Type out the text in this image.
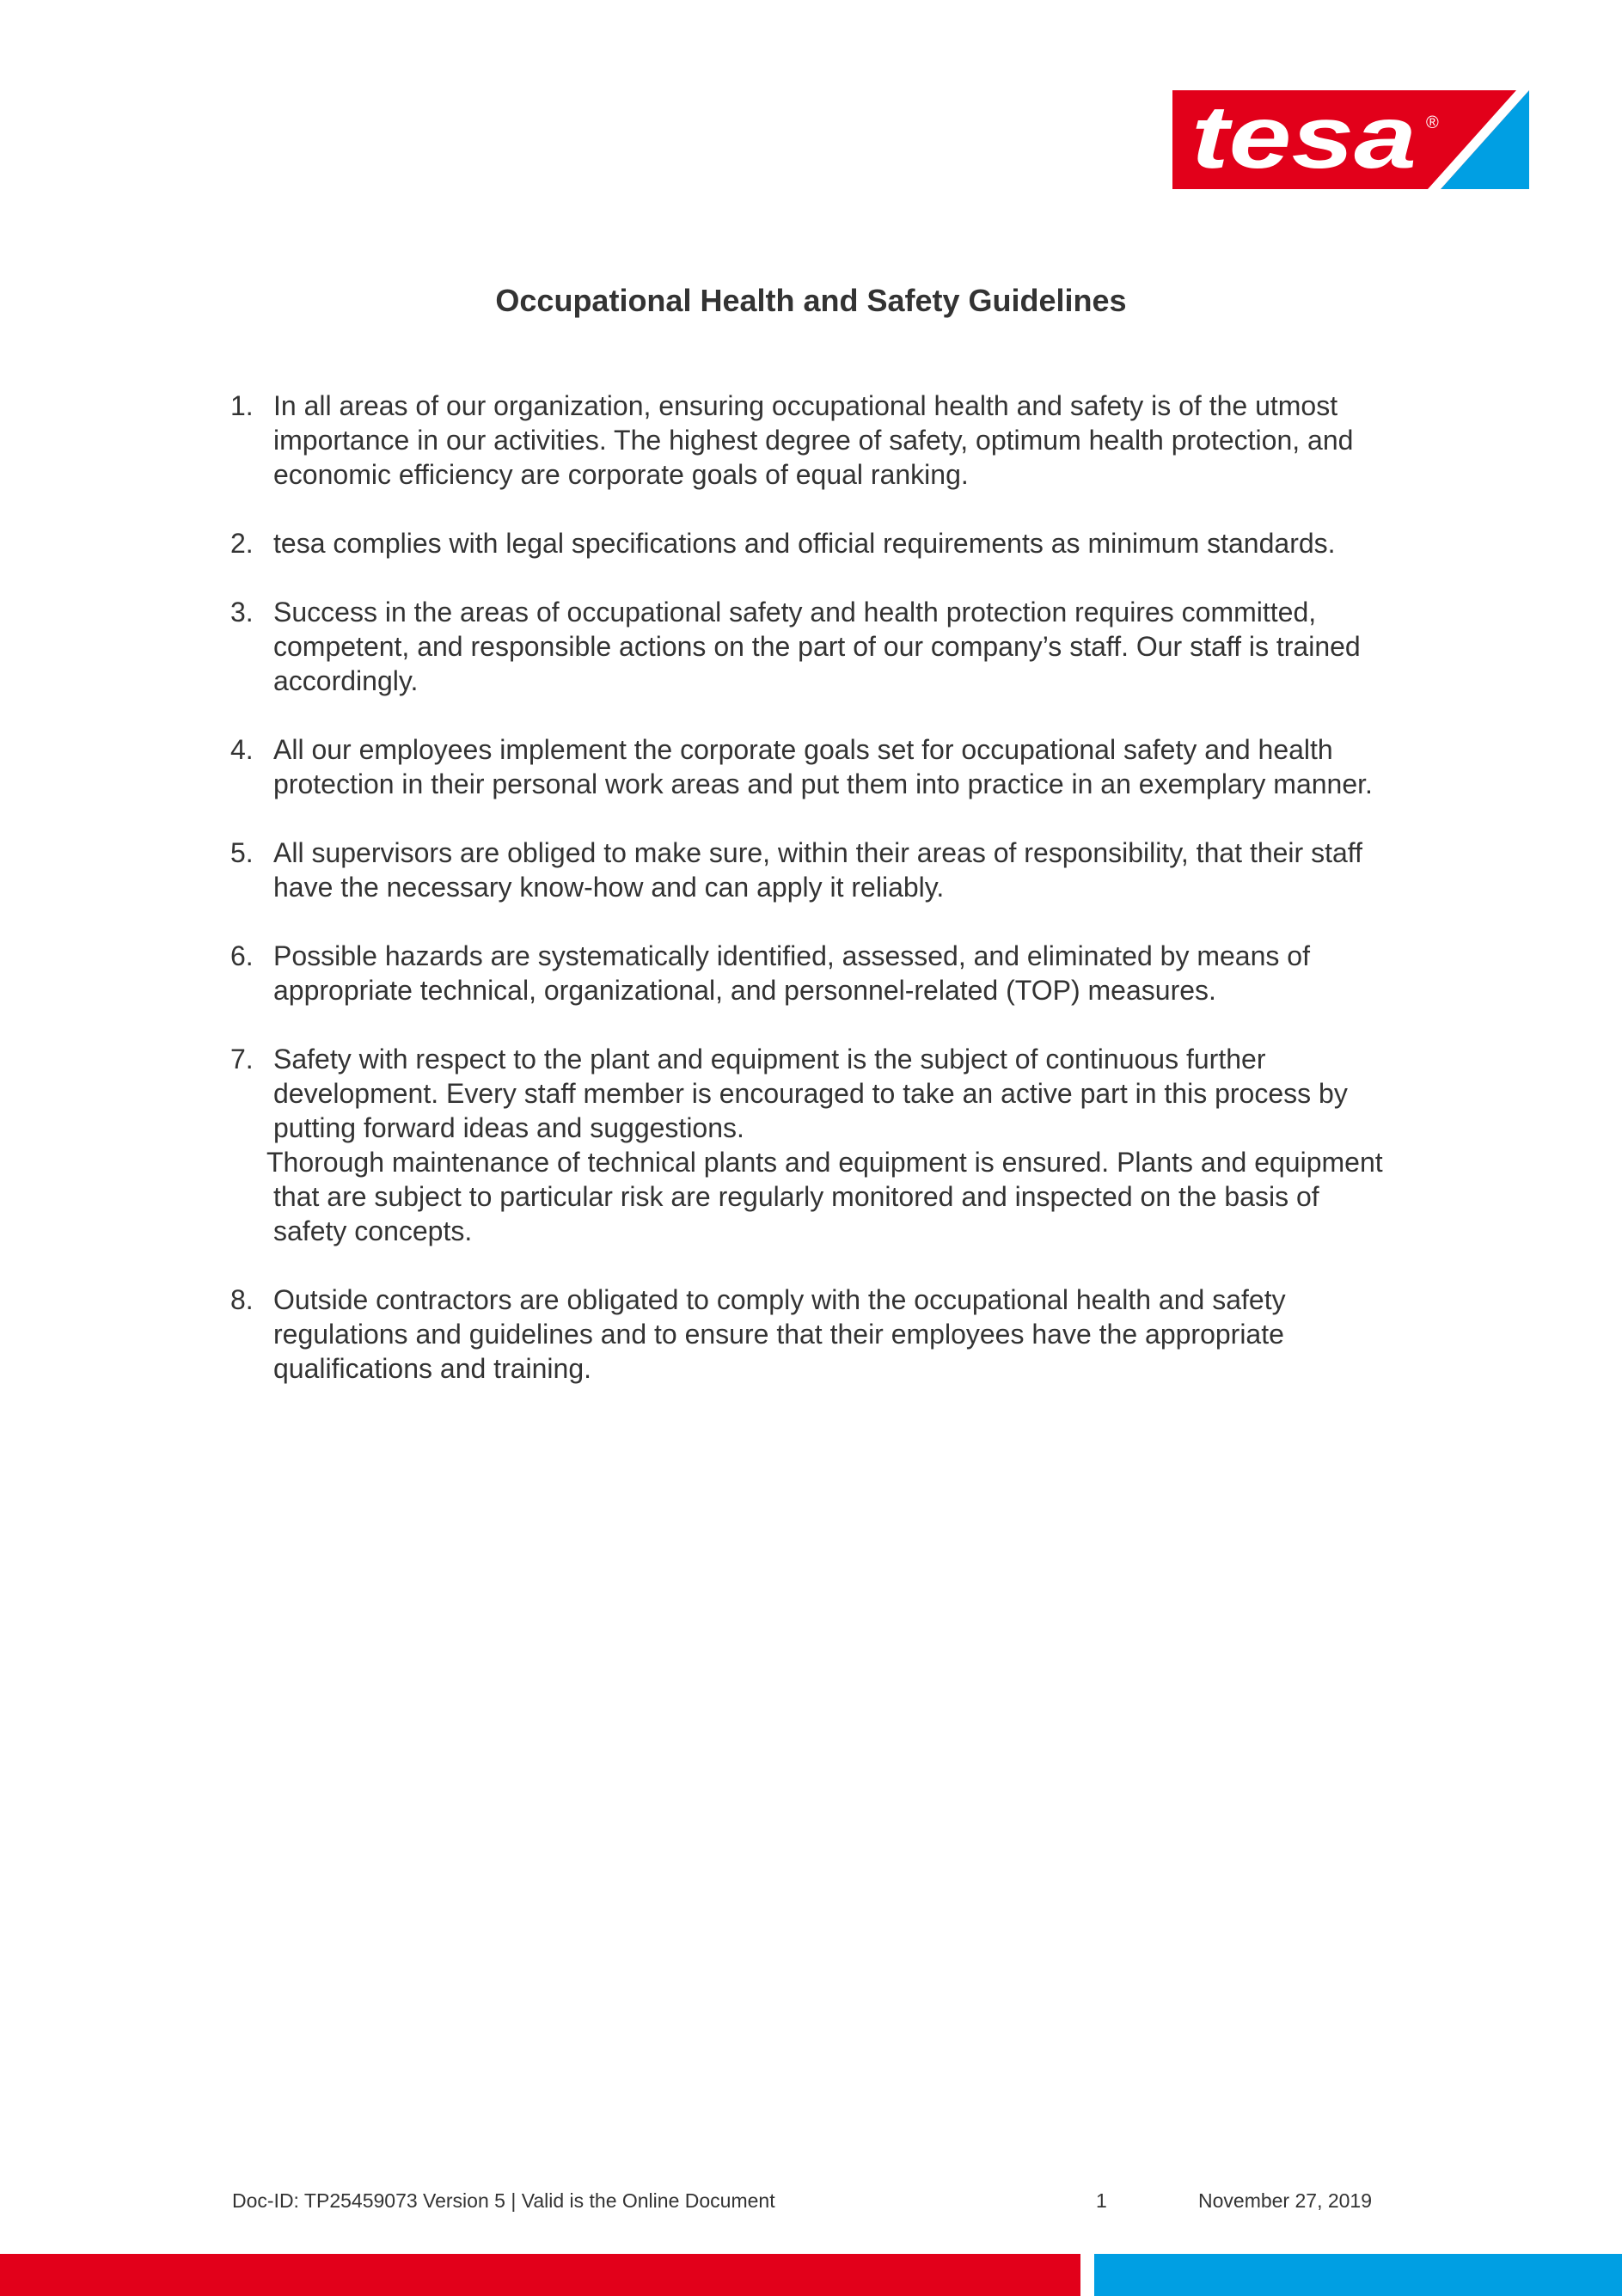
tesa ®
Occupational Health and Safety Guidelines
1. In all areas of our organization, ensuring occupational health and safety is of the utmost importance in our activities. The highest degree of safety, optimum health protection, and economic efficiency are corporate goals of equal ranking.

2. tesa complies with legal specifications and official requirements as minimum standards.

3. Success in the areas of occupational safety and health protection requires committed, competent, and responsible actions on the part of our company’s staff. Our staff is trained accordingly.

4. All our employees implement the corporate goals set for occupational safety and health protection in their personal work areas and put them into practice in an exemplary manner.

5. All supervisors are obliged to make sure, within their areas of responsibility, that their staff have the necessary know-how and can apply it reliably.

6. Possible hazards are systematically identified, assessed, and eliminated by means of appropriate technical, organizational, and personnel-related (TOP) measures.

7. Safety with respect to the plant and equipment is the subject of continuous further development. Every staff member is encouraged to take an active part in this process by putting forward ideas and suggestions.

Thorough maintenance of technical plants and equipment is ensured. Plants and equipment that are subject to particular risk are regularly monitored and inspected on the basis of safety concepts.

8. Outside contractors are obligated to comply with the occupational health and safety regulations and guidelines and to ensure that their employees have the appropriate qualifications and training.

Doc-ID: TP25459073 Version 5 | Valid is the Online Document	1	November 27, 2019
